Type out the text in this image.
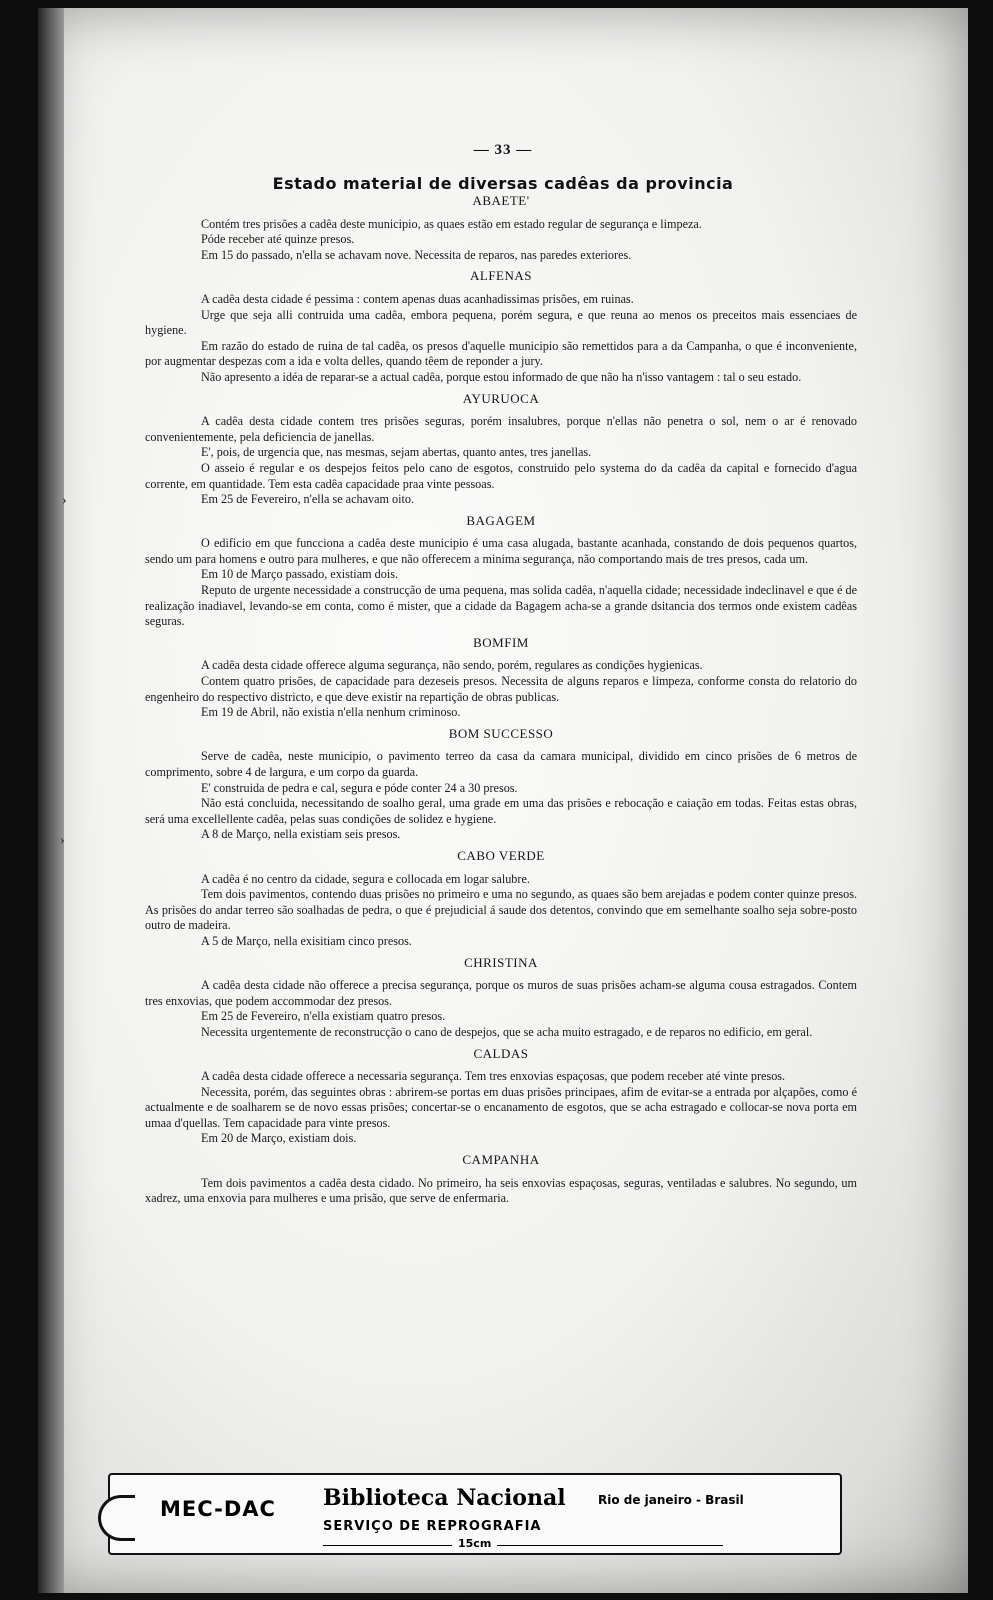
— 33 —
Estado material de diversas cadêas da provincia
›
›
ABAETE'

Contém tres prisões a cadêa deste municipio, as quaes estão em estado regular de segurança e limpeza.

Póde receber até quinze presos.

Em 15 do passado, n'ella se achavam nove. Necessita de reparos, nas paredes exteriores.

ALFENAS

A cadêa desta cidade é pessima : contem apenas duas acanhadissimas prisões, em ruinas.

Urge que seja alli contruida uma cadêa, embora pequena, porém segura, e que reuna ao menos os preceitos mais essenciaes de hygiene.

Em razão do estado de ruina de tal cadêa, os presos d'aquelle municipio são remettidos para a da Campanha, o que é inconveniente, por augmentar despezas com a ida e volta delles, quando têem de reponder a jury.

Não apresento a idéa de reparar-se a actual cadêa, porque estou informado de que não ha n'isso vantagem : tal o seu estado.

AYURUOCA

A cadêa desta cidade contem tres prisões seguras, porém insalubres, porque n'ellas não penetra o sol, nem o ar é renovado convenientemente, pela deficiencia de janellas.

E', pois, de urgencia que, nas mesmas, sejam abertas, quanto antes, tres janellas.

O asseio é regular e os despejos feitos pelo cano de esgotos, construido pelo systema do da cadêa da capital e fornecido d'agua corrente, em quantidade. Tem esta cadêa capacidade praa vinte pessoas.

Em 25 de Fevereiro, n'ella se achavam oito.

BAGAGEM

O edificio em que funcciona a cadêa deste municipio é uma casa alugada, bastante acanhada, constando de dois pequenos quartos, sendo um para homens e outro para mulheres, e que não offerecem a minima segurança, não comportando mais de tres presos, cada um.

Em 10 de Março passado, existiam dois.

Reputo de urgente necessidade a construcção de uma pequena, mas solida cadêa, n'aquella cidade; necessidade indeclinavel e que é de realização inadiavel, levando-se em conta, como é mister, que a cidade da Bagagem acha-se a grande dsitancia dos termos onde existem cadêas seguras.

BOMFIM

A cadêa desta cidade offerece alguma segurança, não sendo, porém, regulares as condições hygienicas.

Contem quatro prisões, de capacidade para dezeseis presos. Necessita de alguns reparos e limpeza, conforme consta do relatorio do engenheiro do respectivo districto, e que deve existir na repartição de obras publicas.

Em 19 de Abril, não existia n'ella nenhum criminoso.

BOM SUCCESSO

Serve de cadêa, neste municipio, o pavimento terreo da casa da camara municipal, dividido em cinco prisões de 6 metros de comprimento, sobre 4 de largura, e um corpo da guarda.

E' construida de pedra e cal, segura e póde conter 24 a 30 presos.

Não está concluida, necessitando de soalho geral, uma grade em uma das prisões e rebocação e caiação em todas. Feitas estas obras, será uma excellellente cadêa, pelas suas condições de solidez e hygiene.

A 8 de Março, nella existiam seis presos.

CABO VERDE

A cadêa é no centro da cidade, segura e collocada em logar salubre.

Tem dois pavimentos, contendo duas prisões no primeiro e uma no segundo, as quaes são bem arejadas e podem conter quinze presos. As prisões do andar terreo são soalhadas de pedra, o que é prejudicial á saude dos detentos, convindo que em semelhante soalho seja sobre-posto outro de madeira.

A 5 de Março, nella exisitiam cinco presos.

CHRISTINA

A cadêa desta cidade não offerece a precisa segurança, porque os muros de suas prisões acham-se alguma cousa estragados. Contem tres enxovias, que podem accommodar dez presos.

Em 25 de Fevereiro, n'ella existiam quatro presos.

Necessita urgentemente de reconstrucção o cano de despejos, que se acha muito estragado, e de reparos no edificio, em geral.

CALDAS

A cadêa desta cidade offerece a necessaria segurança. Tem tres enxovias espaçosas, que podem receber até vinte presos.

Necessita, porém, das seguintes obras : abrirem-se portas em duas prisões principaes, afim de evitar-se a entrada por alçapões, como é actualmente e de soalharem se de novo essas prisões; concertar-se o encanamento de esgotos, que se acha estragado e collocar-se nova porta em umaa d'quellas. Tem capacidade para vinte presos.

Em 20 de Março, existiam dois.

CAMPANHA

Tem dois pavimentos a cadêa desta cidado. No primeiro, ha seis enxovias espaçosas, seguras, ventiladas e salubres. No segundo, um xadrez, uma enxovia para mulheres e uma prisão, que serve de enfermaria.

MEC-DAC Biblioteca Nacional	Rio de janeiro - Brasil
SERVIÇO DE REPROGRAFIA
15cm
